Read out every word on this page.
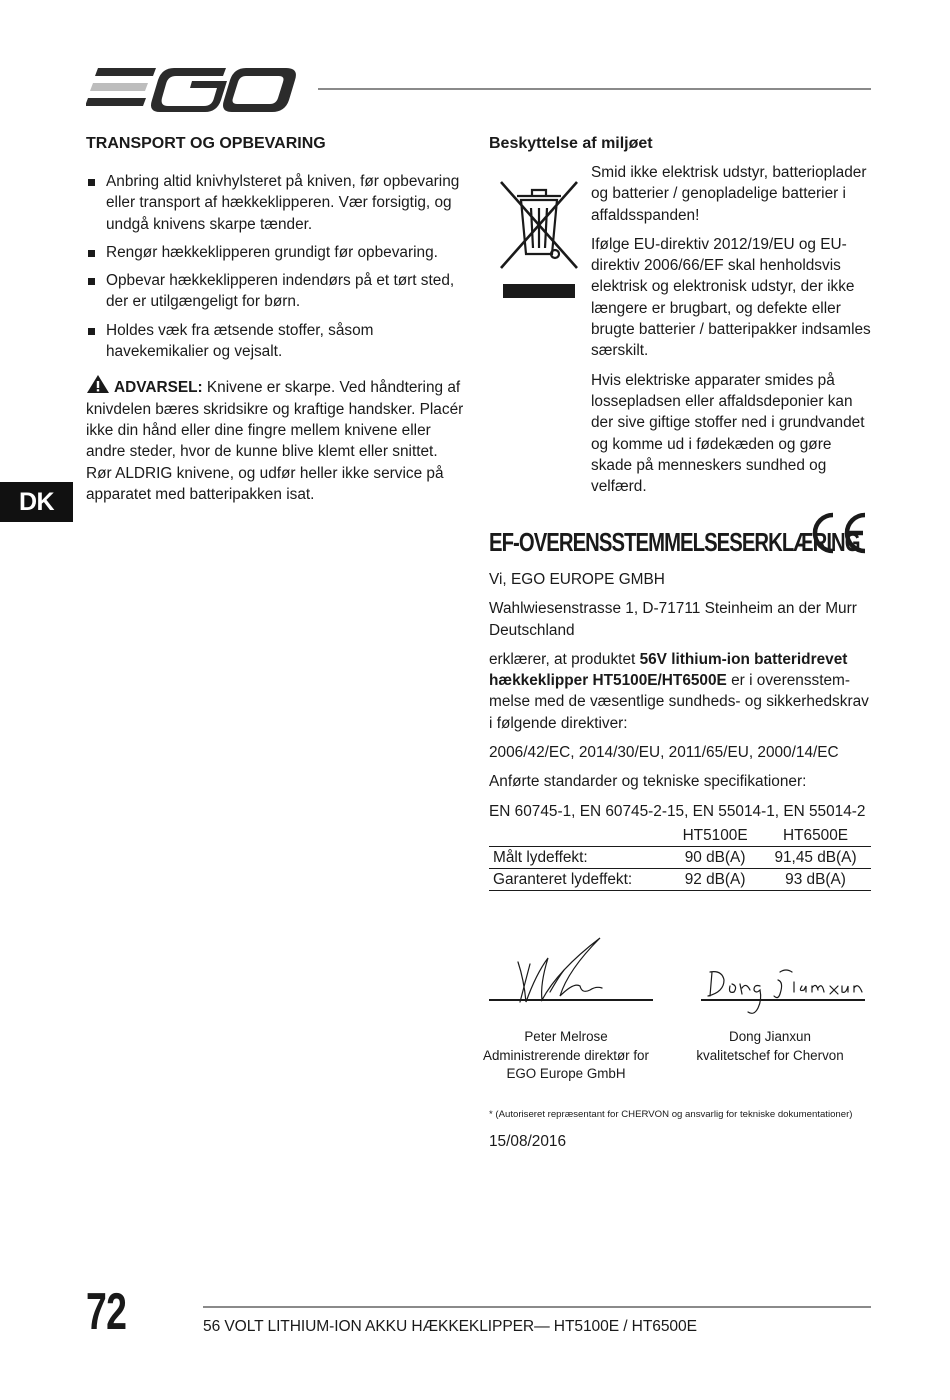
EGO
DK
TRANSPORT OG OPBEVARING
Anbring altid knivhylsteret på kniven, før opbevaring eller transport af hækkeklipperen. Vær forsigtig, og undgå knivens skarpe tænder.
Rengør hækkeklipperen grundigt før opbevaring.
Opbevar hækkeklipperen indendørs på et tørt sted, der er utilgængeligt for børn.
Holdes væk fra ætsende stoffer, såsom havekemikalier og vejsalt.
ADVARSEL: Knivene er skarpe. Ved håndtering af knivdelen bæres skridsikre og kraftige handsker. Placér ikke din hånd eller dine fingre mellem knivene eller andre steder, hvor de kunne blive klemt eller snittet. Rør ALDRIG knivene, og udfør heller ikke service på apparatet med batteripakken isat.
Beskyttelse af miljøet

Smid ikke elektrisk udstyr, batterioplader og batterier / genopladelige batterier i affaldsspanden!

Ifølge EU-direktiv 2012/19/EU og EU-direktiv 2006/66/EF skal henholdsvis elektrisk og elektronisk udstyr, der ikke længere er brugbart, og defekte eller brugte batterier / batteripakker indsamles særskilt.

Hvis elektriske apparater smides på lossepladsen eller affaldsdeponier kan der sive giftige stoffer ned i grundvandet og komme ud i fødekæden og gøre skade på menneskers sundhed og velfærd.

EF-OVERENSSTEMMELSESERKLÆRING

Vi, EGO EUROPE GMBH

Wahlwiesenstrasse 1, D-71711 Steinheim an der Murr Deutschland

erklærer, at produktet 56V lithium-ion batteridrevet hækkeklipper HT5100E/HT6500E er i overensstem-melse med de væsentlige sundheds- og sikkerhedskrav i følgende direktiver:

2006/42/EC, 2014/30/EU, 2011/65/EU, 2000/14/EC

Anførte standarder og tekniske specifikationer:

EN 60745-1, EN 60745-2-15, EN 55014-1, EN 55014-2

	HT5100E	HT6500E
Målt lydeffekt:	90 dB(A)	91,45 dB(A)
Garanteret lydeffekt:	92 dB(A)	93 dB(A)
Peter Melrose
Administrerende direktør for
EGO Europe GmbH
Dong Jianxun
kvalitetschef for Chervon
* (Autoriseret repræsentant for CHERVON og ansvarlig for tekniske dokumentationer)
15/08/2016
72	56 VOLT LITHIUM-ION AKKU HÆKKEKLIPPER— HT5100E / HT6500E
